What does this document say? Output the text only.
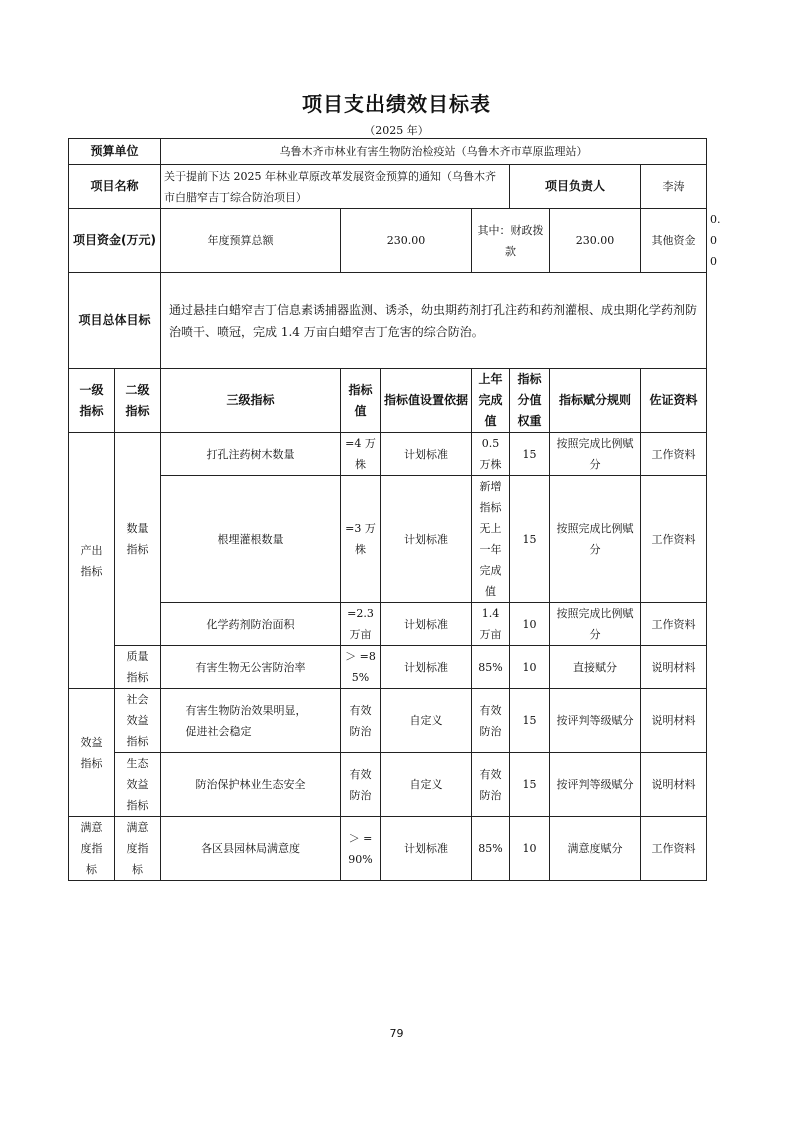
项目支出绩效目标表
（2025 年）
预算单位		乌鲁木齐市林业有害生物防治检疫站（乌鲁木齐市草原监理站）							
项目名称		关于提前下达 2025 年林业草原改革发展资金预算的通知（乌鲁木齐市白腊窄吉丁综合防治项目）				项目负责人		李涛	
项目资金(万元)		年度预算总额	230.00		其中：财政拨款		230.00	其他资金	0.00

项目总体目标		通过悬挂白蜡窄吉丁信息素诱捕器监测、诱杀，幼虫期药剂打孔注药和药剂灌根、成虫期化学药剂防治喷干、喷冠，完成 1.4 万亩白蜡窄吉丁危害的综合防治。							

一级指标	二级指标	三级指标	指标值	指标值设置依据	上年完成值	指标分值权重	指标赋分规则	佐证资料	

产出指标	数量指标	打孔注药树木数量	=4 万株	计划标准	0.5 万株	15	按照完成比例赋分	工作资料	
		根埋灌根数量	=3 万株	计划标准	新增指标无上一年完成值	15	按照完成比例赋分	工作资料	
		化学药剂防治面积	=2.3 万亩	计划标准	1.4 万亩	10	按照完成比例赋分	工作资料	

	质量指标	有害生物无公害防治率	＞ =85%	计划标准	85%	10	直接赋分	说明材料	

效益指标	社会效益指标	有害生物防治效果明显，促进社会稳定	有效防治	自定义	有效防治	15	按评判等级赋分	说明材料	

	生态效益指标	防治保护林业生态安全	有效防治	自定义	有效防治	15	按评判等级赋分	说明材料	

满意度指标	满意度指标	各区县园林局满意度	＞ =90%	计划标准	85%	10	满意度赋分	工作资料	
79
